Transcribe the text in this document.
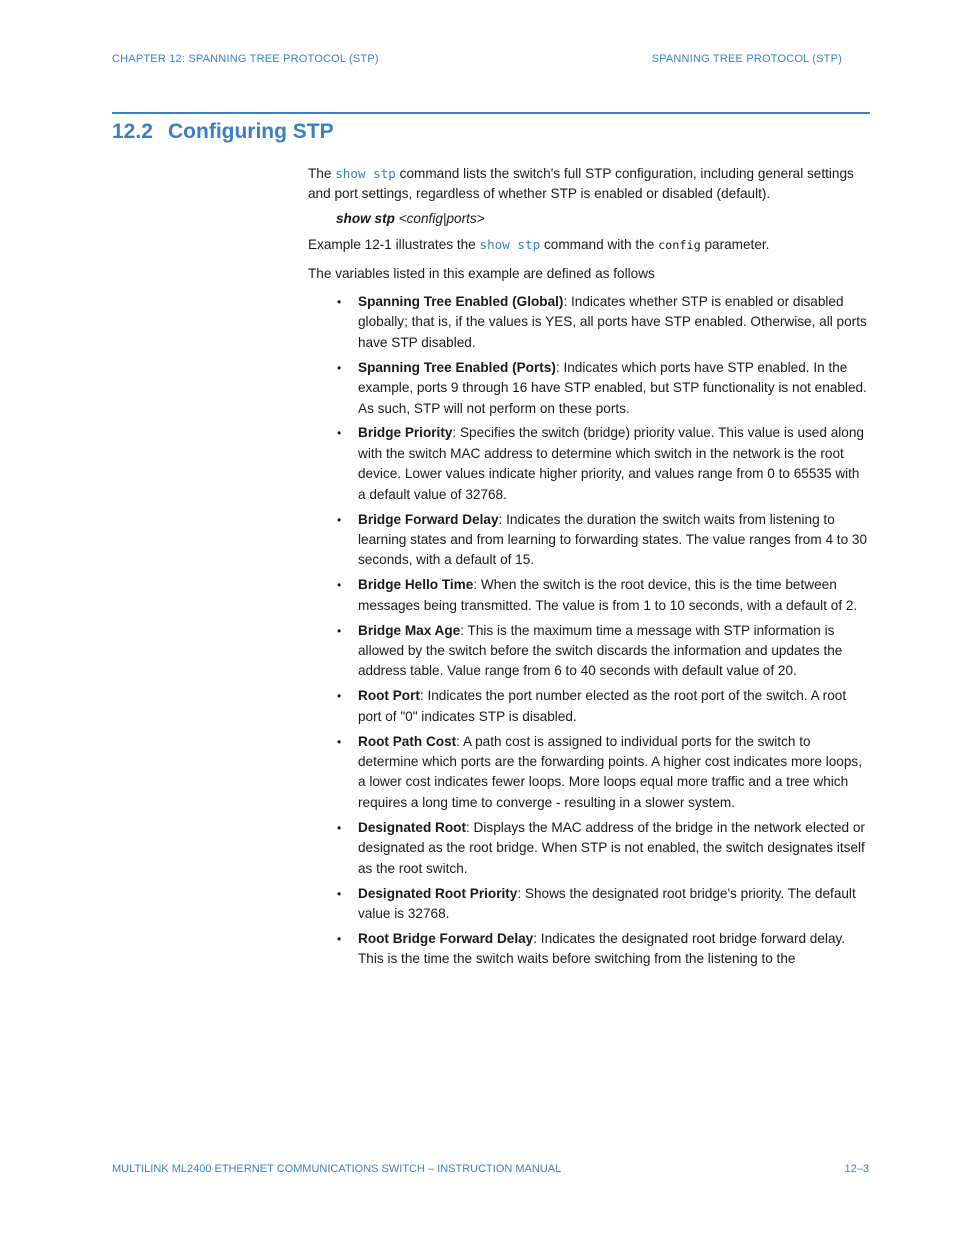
CHAPTER 12: SPANNING TREE PROTOCOL (STP)	SPANNING TREE PROTOCOL (STP)
12.2 Configuring STP

The show stp command lists the switch's full STP configuration, including general settings and port settings, regardless of whether STP is enabled or disabled (default).

show stp <config|ports>

Example 12-1 illustrates the show stp command with the config parameter.

The variables listed in this example are defined as follows

• Spanning Tree Enabled (Global): Indicates whether STP is enabled or disabled globally; that is, if the values is YES, all ports have STP enabled. Otherwise, all ports have STP disabled.
• Spanning Tree Enabled (Ports): Indicates which ports have STP enabled. In the example, ports 9 through 16 have STP enabled, but STP functionality is not enabled. As such, STP will not perform on these ports.
• Bridge Priority: Specifies the switch (bridge) priority value. This value is used along with the switch MAC address to determine which switch in the network is the root device. Lower values indicate higher priority, and values range from 0 to 65535 with a default value of 32768.
• Bridge Forward Delay: Indicates the duration the switch waits from listening to learning states and from learning to forwarding states. The value ranges from 4 to 30 seconds, with a default of 15.
• Bridge Hello Time: When the switch is the root device, this is the time between messages being transmitted. The value is from 1 to 10 seconds, with a default of 2.
• Bridge Max Age: This is the maximum time a message with STP information is allowed by the switch before the switch discards the information and updates the address table. Value range from 6 to 40 seconds with default value of 20.
• Root Port: Indicates the port number elected as the root port of the switch. A root port of "0" indicates STP is disabled.
• Root Path Cost: A path cost is assigned to individual ports for the switch to determine which ports are the forwarding points. A higher cost indicates more loops, a lower cost indicates fewer loops. More loops equal more traffic and a tree which requires a long time to converge - resulting in a slower system.
• Designated Root: Displays the MAC address of the bridge in the network elected or designated as the root bridge. When STP is not enabled, the switch designates itself as the root switch.
• Designated Root Priority: Shows the designated root bridge's priority. The default value is 32768.
• Root Bridge Forward Delay: Indicates the designated root bridge forward delay. This is the time the switch waits before switching from the listening to the
MULTILINK ML2400 ETHERNET COMMUNICATIONS SWITCH – INSTRUCTION MANUAL	12–3
